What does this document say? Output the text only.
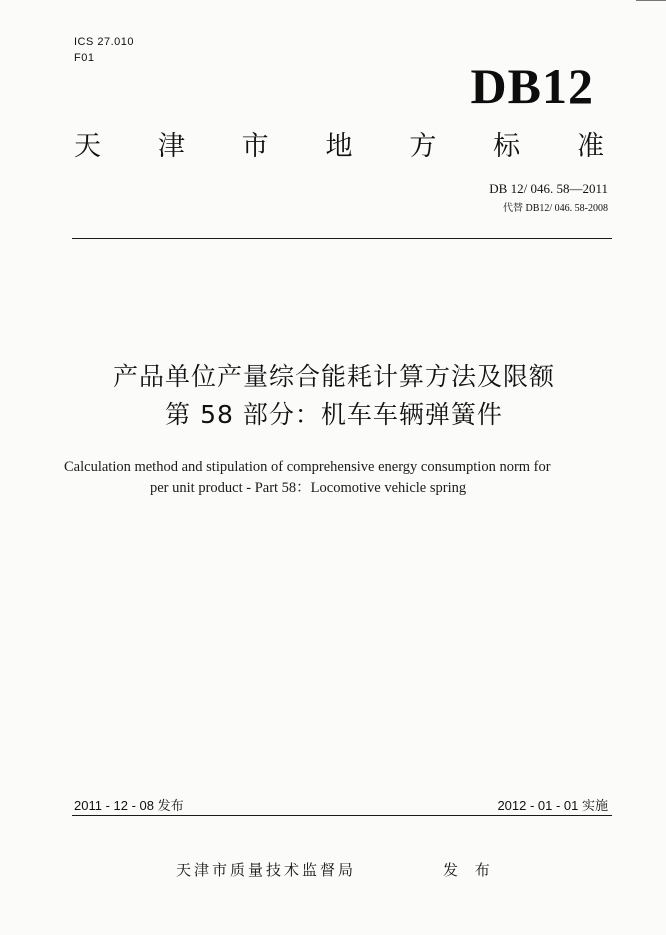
ICS 27.010
F01	DB12
天 津 市 地 方 标 准
DB 12/ 046. 58—2011
代替 DB12/ 046. 58-2008
产品单位产量综合能耗计算方法及限额
第 58 部分：机车车辆弹簧件
Calculation method and stipulation of comprehensive energy consumption norm for
per unit product - Part 58：Locomotive vehicle spring
2011 - 12 - 08 发布	2012 - 01 - 01 实施
天津市质量技术监督局	发 布
